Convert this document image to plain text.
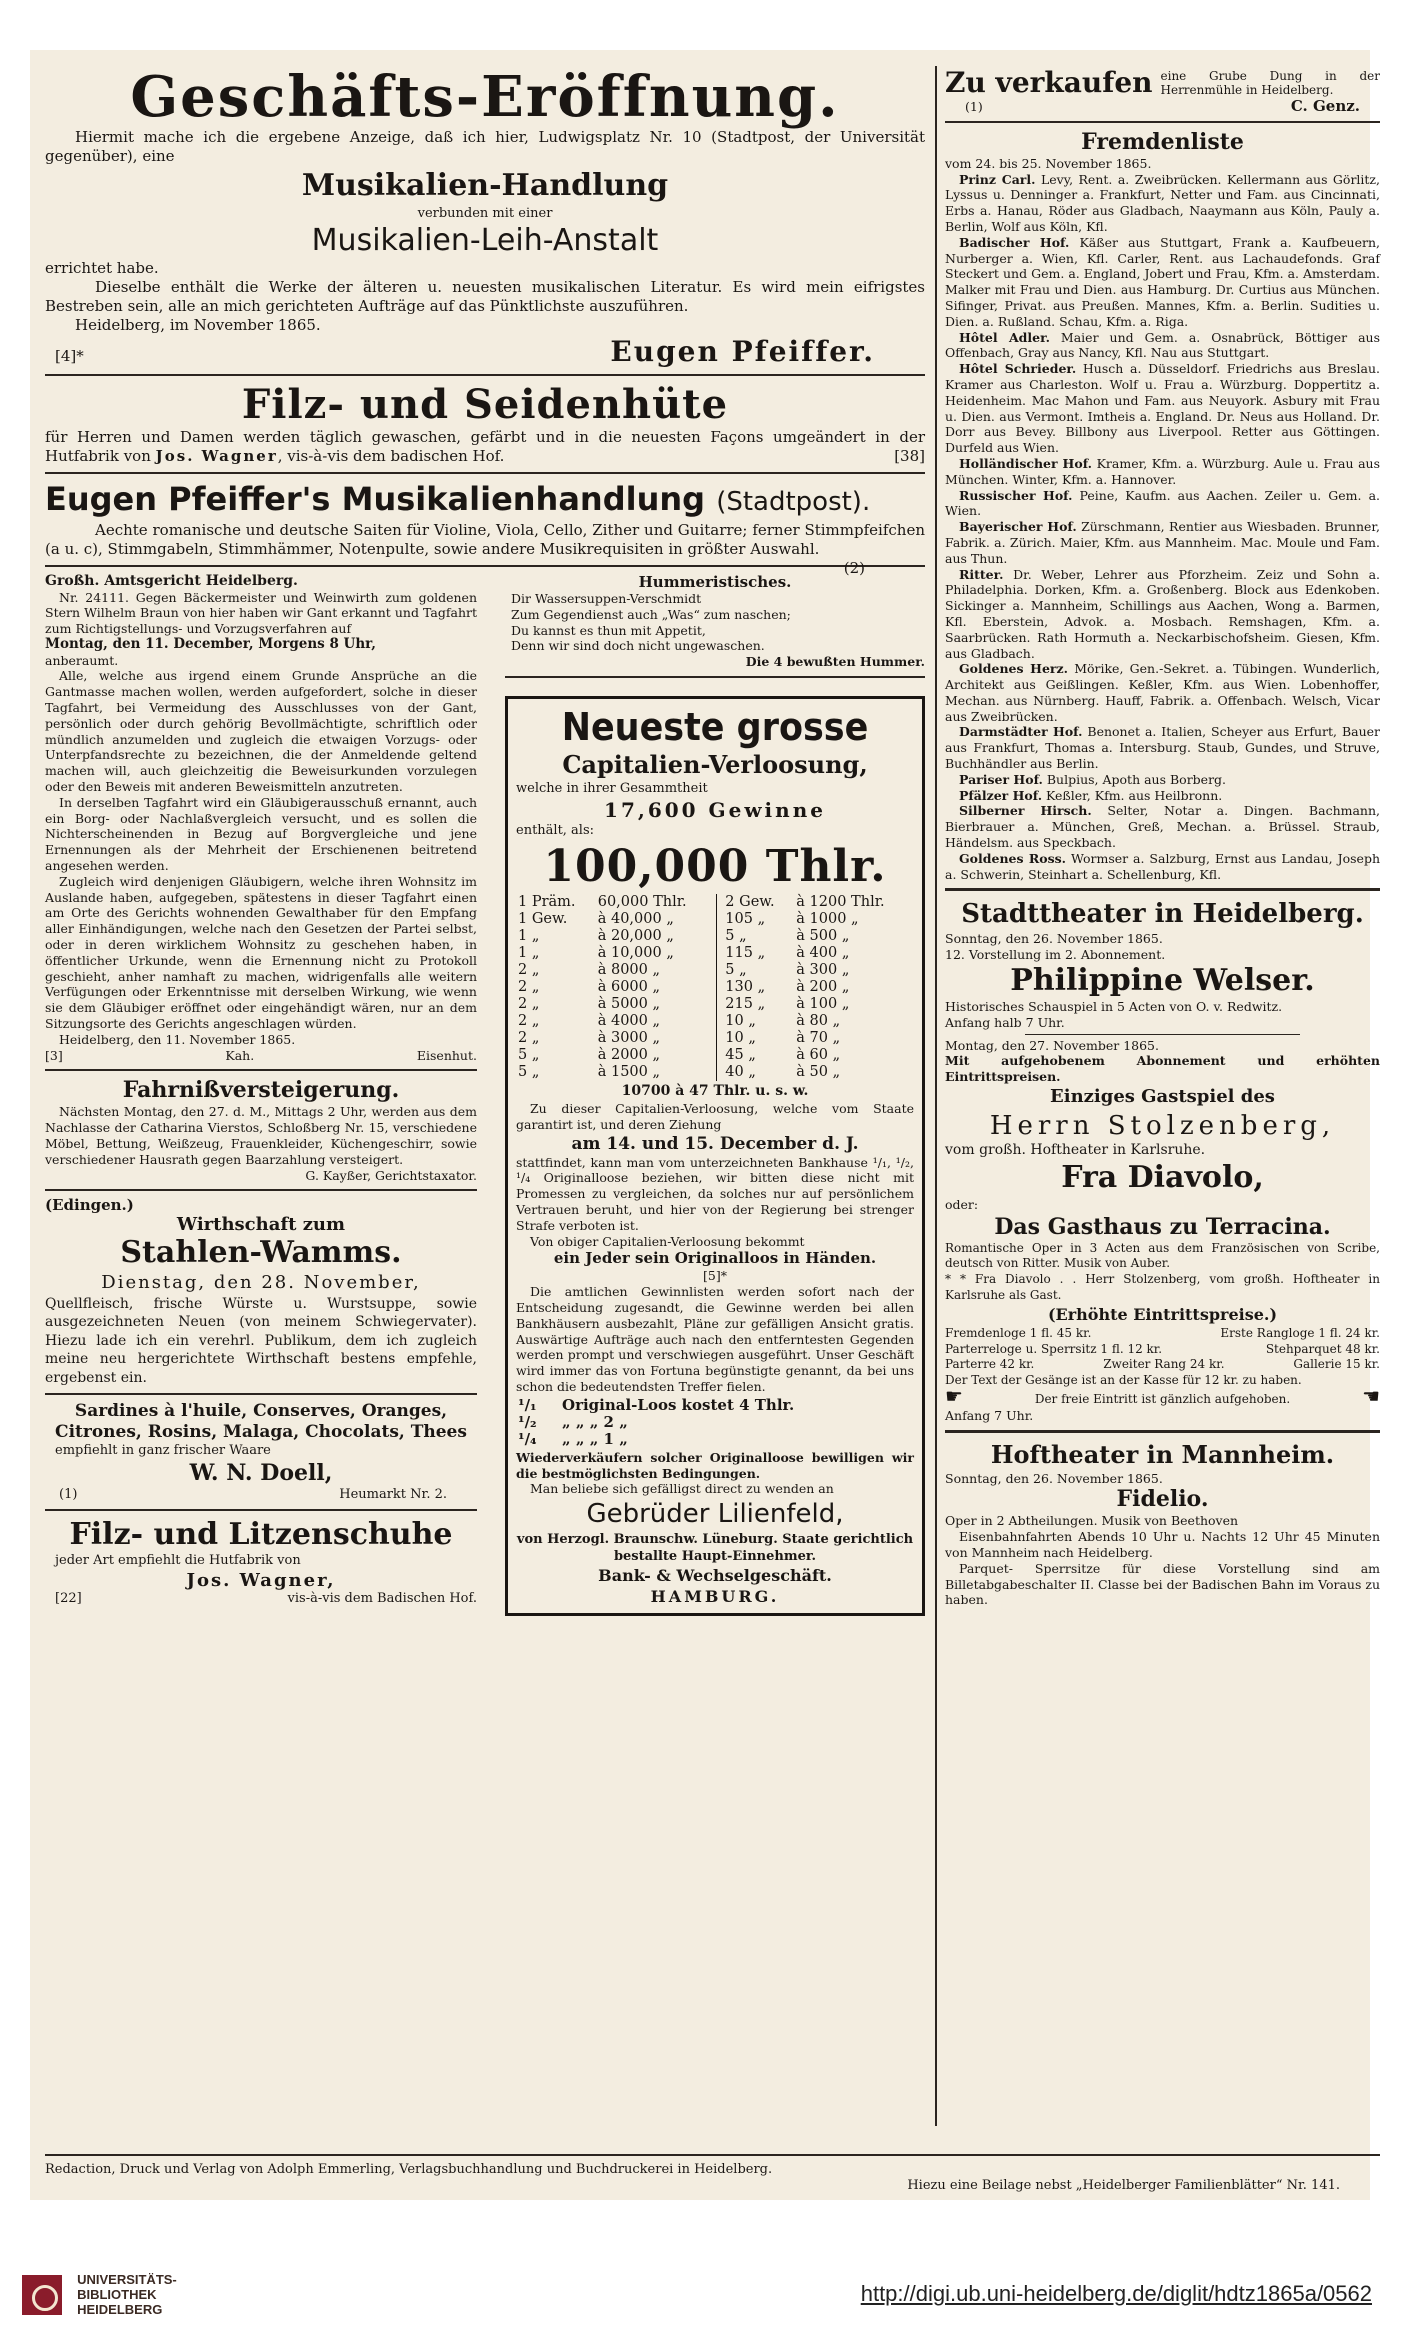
Geschäfts-Eröffnung.

Hiermit mache ich die ergebene Anzeige, daß ich hier, Ludwigsplatz Nr. 10 (Stadtpost, der Universität gegenüber), eine

Musikalien-Handlung
verbunden mit einer
Musikalien-Leih-Anstalt

errichtet habe.

Dieselbe enthält die Werke der älteren u. neuesten musikalischen Literatur. Es wird mein eifrigstes Bestreben sein, alle an mich gerichteten Aufträge auf das Pünktlichste auszuführen.

Heidelberg, im November 1865.

[4]*	Eugen Pfeiffer.
Filz- und Seidenhüte

für Herren und Damen werden täglich gewaschen, gefärbt und in die neuesten Façons umgeändert in der Hutfabrik von Jos. Wagner, vis-à-vis dem badischen Hof.	[38]

Eugen Pfeiffer's Musikalienhandlung (Stadtpost).

Aechte romanische und deutsche Saiten für Violine, Viola, Cello, Zither und Guitarre; ferner Stimmpfeifchen (a u. c), Stimmgabeln, Stimmhämmer, Notenpulte, sowie andere Musikrequisiten in größter Auswahl.
(2)

Großh. Amtsgericht Heidelberg.

Nr. 24111. Gegen Bäckermeister und Weinwirth zum goldenen Stern Wilhelm Braun von hier haben wir Gant erkannt und Tagfahrt zum Richtigstellungs- und Vorzugsverfahren auf

Montag, den 11. December, Morgens 8 Uhr,

anberaumt.

Alle, welche aus irgend einem Grunde Ansprüche an die Gantmasse machen wollen, werden aufgefordert, solche in dieser Tagfahrt, bei Vermeidung des Ausschlusses von der Gant, persönlich oder durch gehörig Bevollmächtigte, schriftlich oder mündlich anzumelden und zugleich die etwaigen Vorzugs- oder Unterpfandsrechte zu bezeichnen, die der Anmeldende geltend machen will, auch gleichzeitig die Beweisurkunden vorzulegen oder den Beweis mit anderen Beweismitteln anzutreten.

In derselben Tagfahrt wird ein Gläubigerausschuß ernannt, auch ein Borg- oder Nachlaßvergleich versucht, und es sollen die Nichterscheinenden in Bezug auf Borgvergleiche und jene Ernennungen als der Mehrheit der Erschienenen beitretend angesehen werden.

Zugleich wird denjenigen Gläubigern, welche ihren Wohnsitz im Auslande haben, aufgegeben, spätestens in dieser Tagfahrt einen am Orte des Gerichts wohnenden Gewalthaber für den Empfang aller Einhändigungen, welche nach den Gesetzen der Partei selbst, oder in deren wirklichem Wohnsitz zu geschehen haben, in öffentlicher Urkunde, wenn die Ernennung nicht zu Protokoll geschieht, anher namhaft zu machen, widrigenfalls alle weitern Verfügungen oder Erkenntnisse mit derselben Wirkung, wie wenn sie dem Gläubiger eröffnet oder eingehändigt wären, nur an dem Sitzungsorte des Gerichts angeschlagen würden.

Heidelberg, den 11. November 1865.

[3]	Kah.	Eisenhut.
Fahrnißversteigerung.

Nächsten Montag, den 27. d. M., Mittags 2 Uhr, werden aus dem Nachlasse der Catharina Vierstos, Schloßberg Nr. 15, verschiedene Möbel, Bettung, Weißzeug, Frauenkleider, Küchengeschirr, sowie verschiedener Hausrath gegen Baarzahlung versteigert.

G. Kayßer, Gerichtstaxator.

(Edingen.)
Wirthschaft zum
Stahlen-Wamms.
Dienstag, den 28. November,

Quellfleisch, frische Würste u. Wurstsuppe, sowie ausgezeichneten Neuen (von meinem Schwiegervater). Hiezu lade ich ein verehrl. Publikum, dem ich zugleich meine neu hergerichtete Wirthschaft bestens empfehle, ergebenst ein.

Sardines à l'huile, Conserves, Oranges, Citrones, Rosins, Malaga, Chocolats, Thees
empfiehlt in ganz frischer Waare
W. N. Doell,
(1)	Heumarkt Nr. 2.
Filz- und Litzenschuhe
jeder Art empfiehlt die Hutfabrik von
Jos. Wagner,
[22]	vis-à-vis dem Badischen Hof.
Hummeristisches.
Dir Wassersuppen-Verschmidt
Zum Gegendienst auch „Was“ zum naschen;
Du kannst es thun mit Appetit,
Denn wir sind doch nicht ungewaschen.
Die 4 bewußten Hummer.
Neueste grosse
Capitalien-Verloosung,
welche in ihrer Gesammtheit
17,600 Gewinne
enthält, als:
100,000 Thlr.
1 Präm.	60,000 Thlr.	2 Gew.	à 1200 Thlr.
1 Gew.	à 40,000 „	105 „	à 1000 „
1 „	à 20,000 „	5 „	à 500 „
1 „	à 10,000 „	115 „	à 400 „
2 „	à 8000 „	5 „	à 300 „
2 „	à 6000 „	130 „	à 200 „
2 „	à 5000 „	215 „	à 100 „
2 „	à 4000 „	10 „	à 80 „
2 „	à 3000 „	10 „	à 70 „
5 „	à 2000 „	45 „	à 60 „
5 „	à 1500 „	40 „	à 50 „
10700 à 47 Thlr. u. s. w.

Zu dieser Capitalien-Verloosung, welche vom Staate garantirt ist, und deren Ziehung

am 14. und 15. December d. J.

stattfindet, kann man vom unterzeichneten Bankhause ¹/₁, ¹/₂, ¹/₄ Originalloose beziehen, wir bitten diese nicht mit Promessen zu vergleichen, da solches nur auf persönlichem Vertrauen beruht, und hier von der Regierung bei strenger Strafe verboten ist.

Von obiger Capitalien-Verloosung bekommt

ein Jeder sein Originalloos in Händen.
[5]*

Die amtlichen Gewinnlisten werden sofort nach der Entscheidung zugesandt, die Gewinne werden bei allen Bankhäusern ausbezahlt, Pläne zur gefälligen Ansicht gratis. Auswärtige Aufträge auch nach den entferntesten Gegenden werden prompt und verschwiegen ausgeführt. Unser Geschäft wird immer das von Fortuna begünstigte genannt, da bei uns schon die bedeutendsten Treffer fielen.

¹/₁	Original-Loos kostet 4 Thlr.
¹/₂	„ „ „ 2 „
¹/₄	„ „ „ 1 „

Wiederverkäufern solcher Originalloose bewilligen wir die bestmöglichsten Bedingungen.

Man beliebe sich gefälligst direct zu wenden an

Gebrüder Lilienfeld,
von Herzogl. Braunschw. Lüneburg. Staate gerichtlich bestallte Haupt-Einnehmer.
Bank- & Wechselgeschäft.
HAMBURG.
Zu verkaufen eine Grube Dung in der Herrenmühle in Heidelberg.
(1)	C. Genz.
Fremdenliste
vom 24. bis 25. November 1865.

Prinz Carl. Levy, Rent. a. Zweibrücken. Kellermann aus Görlitz, Lyssus u. Denninger a. Frankfurt, Netter und Fam. aus Cincinnati, Erbs a. Hanau, Röder aus Gladbach, Naaymann aus Köln, Pauly a. Berlin, Wolf aus Köln, Kfl.

Badischer Hof. Käßer aus Stuttgart, Frank a. Kaufbeuern, Nurberger a. Wien, Kfl. Carler, Rent. aus Lachaudefonds. Graf Steckert und Gem. a. England, Jobert und Frau, Kfm. a. Amsterdam. Malker mit Frau und Dien. aus Hamburg. Dr. Curtius aus München. Sifinger, Privat. aus Preußen. Mannes, Kfm. a. Berlin. Sudities u. Dien. a. Rußland. Schau, Kfm. a. Riga.

Hôtel Adler. Maier und Gem. a. Osnabrück, Böttiger aus Offenbach, Gray aus Nancy, Kfl. Nau aus Stuttgart.

Hôtel Schrieder. Husch a. Düsseldorf. Friedrichs aus Breslau. Kramer aus Charleston. Wolf u. Frau a. Würzburg. Doppertitz a. Heidenheim. Mac Mahon und Fam. aus Neuyork. Asbury mit Frau u. Dien. aus Vermont. Imtheis a. England. Dr. Neus aus Holland. Dr. Dorr aus Bevey. Billbony aus Liverpool. Retter aus Göttingen. Durfeld aus Wien.

Holländischer Hof. Kramer, Kfm. a. Würzburg. Aule u. Frau aus München. Winter, Kfm. a. Hannover.

Russischer Hof. Peine, Kaufm. aus Aachen. Zeiler u. Gem. a. Wien.

Bayerischer Hof. Zürschmann, Rentier aus Wiesbaden. Brunner, Fabrik. a. Zürich. Maier, Kfm. aus Mannheim. Mac. Moule und Fam. aus Thun.

Ritter. Dr. Weber, Lehrer aus Pforzheim. Zeiz und Sohn a. Philadelphia. Dorken, Kfm. a. Großenberg. Block aus Edenkoben. Sickinger a. Mannheim, Schillings aus Aachen, Wong a. Barmen, Kfl. Eberstein, Advok. a. Mosbach. Remshagen, Kfm. a. Saarbrücken. Rath Hormuth a. Neckarbischofsheim. Giesen, Kfm. aus Gladbach.

Goldenes Herz. Mörike, Gen.-Sekret. a. Tübingen. Wunderlich, Architekt aus Geißlingen. Keßler, Kfm. aus Wien. Lobenhoffer, Mechan. aus Nürnberg. Hauff, Fabrik. a. Offenbach. Welsch, Vicar aus Zweibrücken.

Darmstädter Hof. Benonet a. Italien, Scheyer aus Erfurt, Bauer aus Frankfurt, Thomas a. Intersburg. Staub, Gundes, und Struve, Buchhändler aus Berlin.

Pariser Hof. Bulpius, Apoth aus Borberg.

Pfälzer Hof. Keßler, Kfm. aus Heilbronn.

Silberner Hirsch. Selter, Notar a. Dingen. Bachmann, Bierbrauer a. München, Greß, Mechan. a. Brüssel. Straub, Händelsm. aus Speckbach.

Goldenes Ross. Wormser a. Salzburg, Ernst aus Landau, Joseph a. Schwerin, Steinhart a. Schellenburg, Kfl.

Stadttheater in Heidelberg.
Sonntag, den 26. November 1865.
12. Vorstellung im 2. Abonnement.
Philippine Welser.
Historisches Schauspiel in 5 Acten von O. v. Redwitz.
Anfang halb 7 Uhr.
Montag, den 27. November 1865.
Mit aufgehobenem Abonnement und erhöhten Eintrittspreisen.
Einziges Gastspiel des
Herrn Stolzenberg,
vom großh. Hoftheater in Karlsruhe.
Fra Diavolo,
oder:
Das Gasthaus zu Terracina.
Romantische Oper in 3 Acten aus dem Französischen von Scribe, deutsch von Ritter. Musik von Auber.

* * Fra Diavolo . . Herr Stolzenberg, vom großh. Hoftheater in Karlsruhe als Gast.

(Erhöhte Eintrittspreise.)
Fremdenloge 1 fl. 45 kr.	Erste Rangloge 1 fl. 24 kr.
Parterreloge u. Sperrsitz 1 fl. 12 kr.	Stehparquet 48 kr.
Parterre 42 kr.	Zweiter Rang 24 kr.	Gallerie 15 kr.

Der Text der Gesänge ist an der Kasse für 12 kr. zu haben.

☛	Der freie Eintritt ist gänzlich aufgehoben.	☚
Anfang 7 Uhr.
Hoftheater in Mannheim.
Sonntag, den 26. November 1865.
Fidelio.
Oper in 2 Abtheilungen. Musik von Beethoven

Eisenbahnfahrten Abends 10 Uhr u. Nachts 12 Uhr 45 Minuten von Mannheim nach Heidelberg.

Parquet- Sperrsitze für diese Vorstellung sind am Billetabgabeschalter II. Classe bei der Badischen Bahn im Voraus zu haben.

Redaction, Druck und Verlag von Adolph Emmerling, Verlagsbuchhandlung und Buchdruckerei in Heidelberg.
Hiezu eine Beilage nebst „Heidelberger Familienblätter“ Nr. 141.
UNIVERSITÄTS-
BIBLIOTHEK
HEIDELBERG
http://digi.ub.uni-heidelberg.de/diglit/hdtz1865a/0562
